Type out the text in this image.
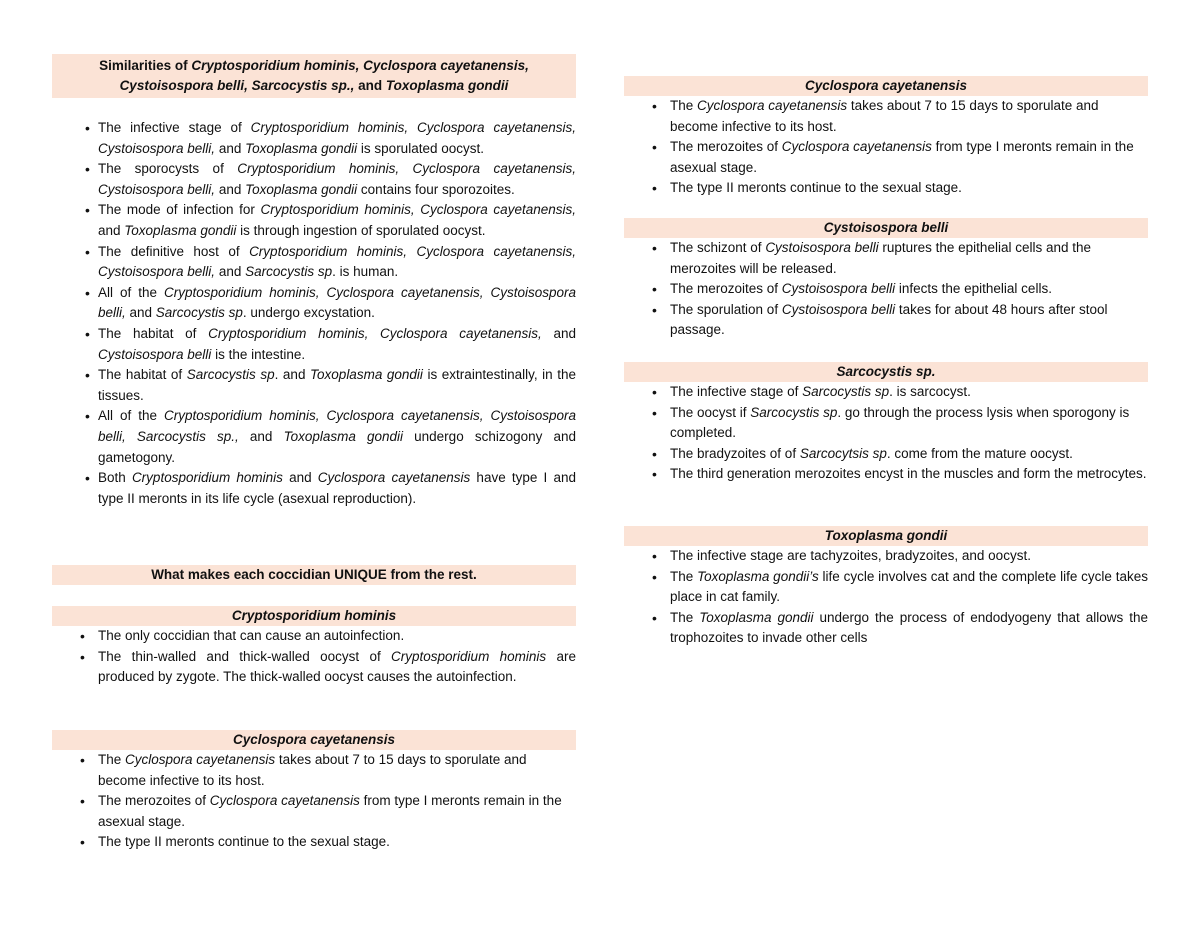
Similarities of Cryptosporidium hominis, Cyclospora cayetanensis,
Cystoisospora belli, Sarcocystis sp., and Toxoplasma gondii
• The infective stage of Cryptosporidium hominis, Cyclospora cayetanensis, Cystoisospora belli, and Toxoplasma gondii is sporulated oocyst.
• The sporocysts of Cryptosporidium hominis, Cyclospora cayetanensis, Cystoisospora belli, and Toxoplasma gondii contains four sporozoites.
• The mode of infection for Cryptosporidium hominis, Cyclospora cayetanensis, and Toxoplasma gondii is through ingestion of sporulated oocyst.
• The definitive host of Cryptosporidium hominis, Cyclospora cayetanensis, Cystoisospora belli, and Sarcocystis sp. is human.
• All of the Cryptosporidium hominis, Cyclospora cayetanensis, Cystoisospora belli, and Sarcocystis sp. undergo excystation.
• The habitat of Cryptosporidium hominis, Cyclospora cayetanensis, and Cystoisospora belli is the intestine.
• The habitat of Sarcocystis sp. and Toxoplasma gondii is extraintestinally, in the tissues.
• All of the Cryptosporidium hominis, Cyclospora cayetanensis, Cystoisospora belli, Sarcocystis sp., and Toxoplasma gondii undergo schizogony and gametogony.
• Both Cryptosporidium hominis and Cyclospora cayetanensis have type I and type II meronts in its life cycle (asexual reproduction).
What makes each coccidian UNIQUE from the rest.
Cryptosporidium hominis
• The only coccidian that can cause an autoinfection.
• The thin-walled and thick-walled oocyst of Cryptosporidium hominis are produced by zygote. The thick-walled oocyst causes the autoinfection.
Cyclospora cayetanensis
• The Cyclospora cayetanensis takes about 7 to 15 days to sporulate and become infective to its host.
• The merozoites of Cyclospora cayetanensis from type I meronts remain in the asexual stage.
• The type II meronts continue to the sexual stage.
Cyclospora cayetanensis
• The Cyclospora cayetanensis takes about 7 to 15 days to sporulate and become infective to its host.
• The merozoites of Cyclospora cayetanensis from type I meronts remain in the asexual stage.
• The type II meronts continue to the sexual stage.
Cystoisospora belli
• The schizont of Cystoisospora belli ruptures the epithelial cells and the merozoites will be released.
• The merozoites of Cystoisospora belli infects the epithelial cells.
• The sporulation of Cystoisospora belli takes for about 48 hours after stool passage.
Sarcocystis sp.
• The infective stage of Sarcocystis sp. is sarcocyst.
• The oocyst if Sarcocystis sp. go through the process lysis when sporogony is completed.
• The bradyzoites of of Sarcocytsis sp. come from the mature oocyst.
• The third generation merozoites encyst in the muscles and form the metrocytes.
Toxoplasma gondii
• The infective stage are tachyzoites, bradyzoites, and oocyst.
• The Toxoplasma gondii’s life cycle involves cat and the complete life cycle takes place in cat family.
• The Toxoplasma gondii undergo the process of endodyogeny that allows the trophozoites to invade other cells
